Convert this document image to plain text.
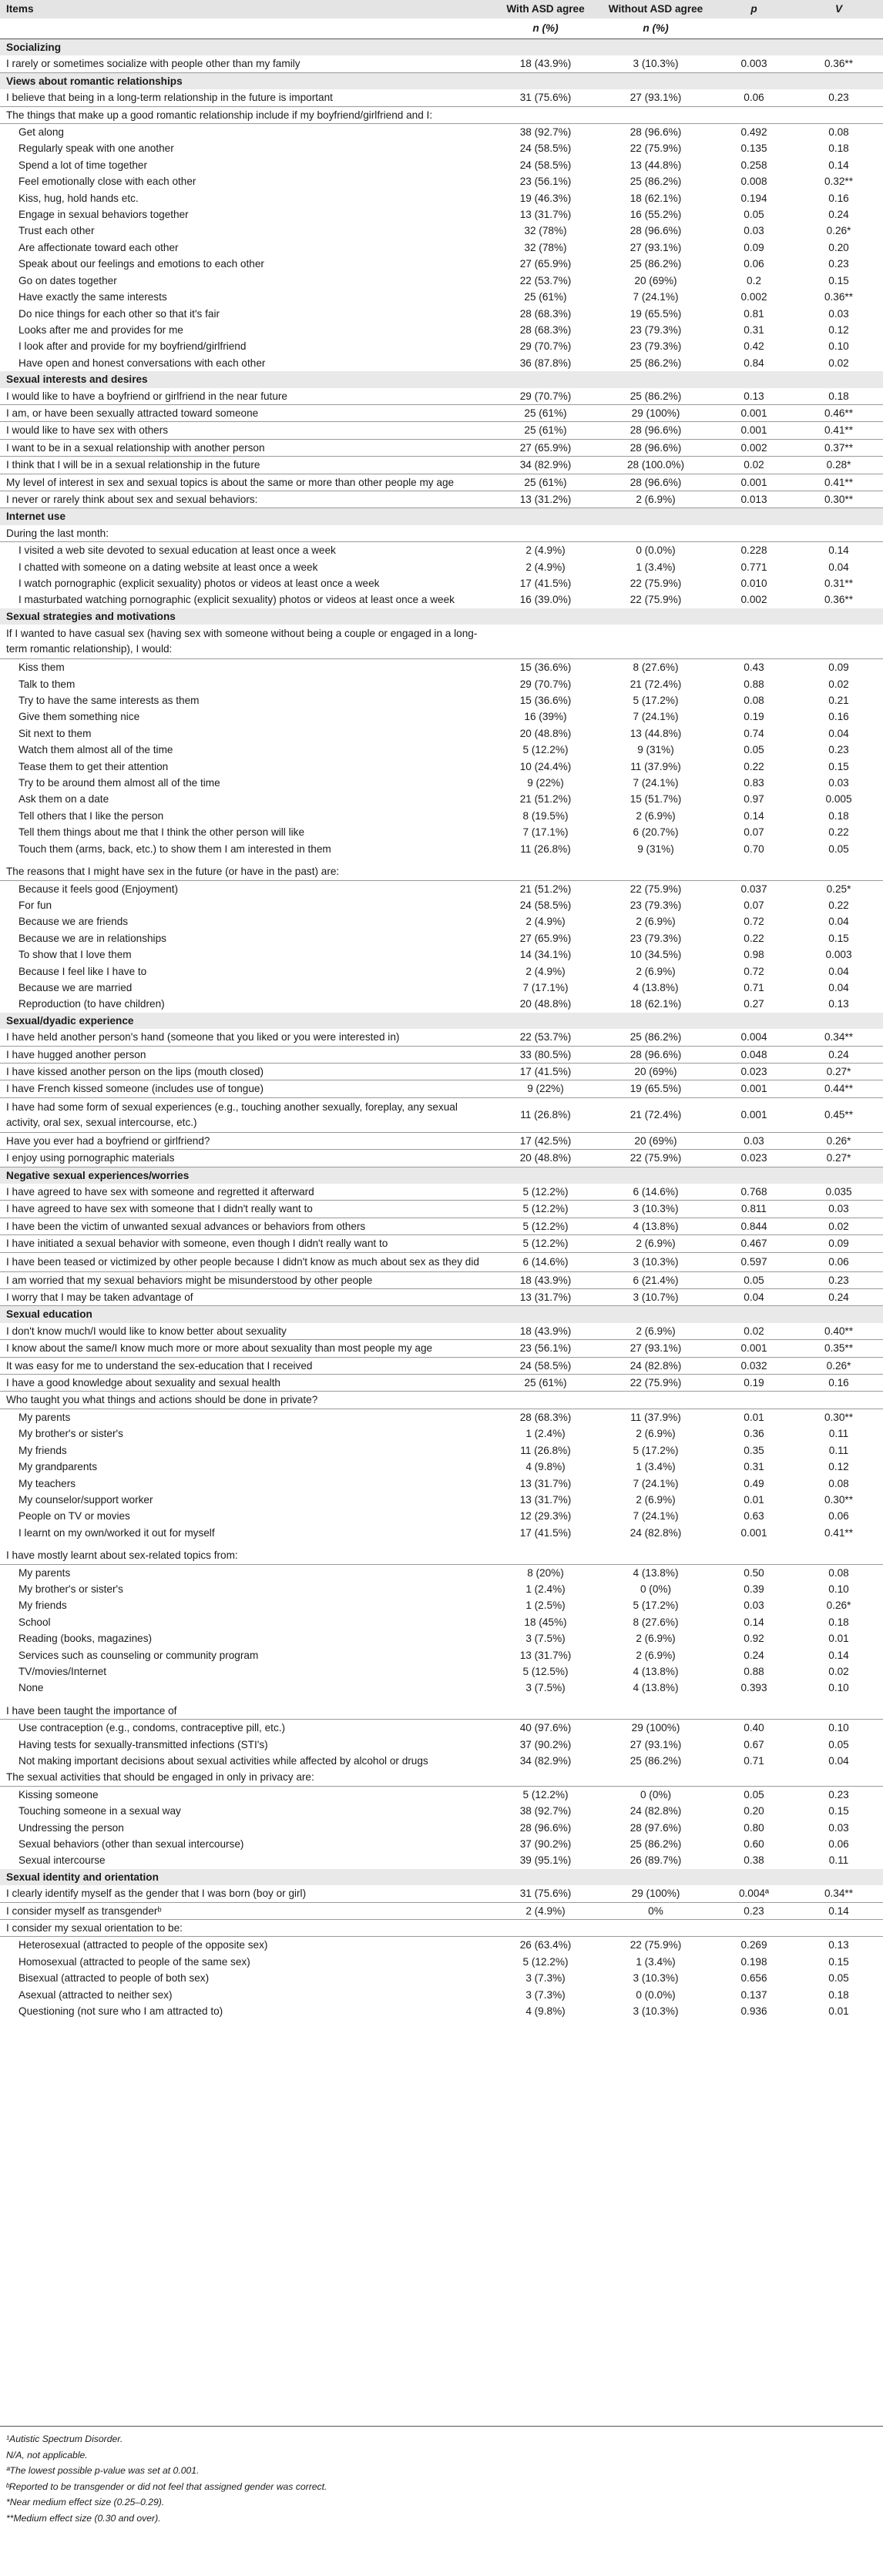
Items	With ASD agree	Without ASD agree	p	V
	n (%)	n (%)		
Socializing				
I rarely or sometimes socialize with people other than my family	18 (43.9%)	3 (10.3%)	0.003	0.36**
Views about romantic relationships				
I believe that being in a long-term relationship in the future is important	31 (75.6%)	27 (93.1%)	0.06	0.23
The things that make up a good romantic relationship include if my boyfriend/girlfriend and I:				
Get along	38 (92.7%)	28 (96.6%)	0.492	0.08
Regularly speak with one another	24 (58.5%)	22 (75.9%)	0.135	0.18
Spend a lot of time together	24 (58.5%)	13 (44.8%)	0.258	0.14
Feel emotionally close with each other	23 (56.1%)	25 (86.2%)	0.008	0.32**
Kiss, hug, hold hands etc.	19 (46.3%)	18 (62.1%)	0.194	0.16
Engage in sexual behaviors together	13 (31.7%)	16 (55.2%)	0.05	0.24
Trust each other	32 (78%)	28 (96.6%)	0.03	0.26*
Are affectionate toward each other	32 (78%)	27 (93.1%)	0.09	0.20
Speak about our feelings and emotions to each other	27 (65.9%)	25 (86.2%)	0.06	0.23
Go on dates together	22 (53.7%)	20 (69%)	0.2	0.15
Have exactly the same interests	25 (61%)	7 (24.1%)	0.002	0.36**
Do nice things for each other so that it's fair	28 (68.3%)	19 (65.5%)	0.81	0.03
Looks after me and provides for me	28 (68.3%)	23 (79.3%)	0.31	0.12
I look after and provide for my boyfriend/girlfriend	29 (70.7%)	23 (79.3%)	0.42	0.10
Have open and honest conversations with each other	36 (87.8%)	25 (86.2%)	0.84	0.02
Sexual interests and desires				
I would like to have a boyfriend or girlfriend in the near future	29 (70.7%)	25 (86.2%)	0.13	0.18
I am, or have been sexually attracted toward someone	25 (61%)	29 (100%)	0.001	0.46**
I would like to have sex with others	25 (61%)	28 (96.6%)	0.001	0.41**
I want to be in a sexual relationship with another person	27 (65.9%)	28 (96.6%)	0.002	0.37**
I think that I will be in a sexual relationship in the future	34 (82.9%)	28 (100.0%)	0.02	0.28*
My level of interest in sex and sexual topics is about the same or more than other people my age	25 (61%)	28 (96.6%)	0.001	0.41**
I never or rarely think about sex and sexual behaviors:	13 (31.2%)	2 (6.9%)	0.013	0.30**
Internet use				
During the last month:				
I visited a web site devoted to sexual education at least once a week	2 (4.9%)	0 (0.0%)	0.228	0.14
I chatted with someone on a dating website at least once a week	2 (4.9%)	1 (3.4%)	0.771	0.04
I watch pornographic (explicit sexuality) photos or videos at least once a week	17 (41.5%)	22 (75.9%)	0.010	0.31**
I masturbated watching pornographic (explicit sexuality) photos or videos at least once a week	16 (39.0%)	22 (75.9%)	0.002	0.36**
Sexual strategies and motivations				
If I wanted to have casual sex (having sex with someone without being a couple or engaged in a long-term romantic relationship), I would:				
Kiss them	15 (36.6%)	8 (27.6%)	0.43	0.09
Talk to them	29 (70.7%)	21 (72.4%)	0.88	0.02
Try to have the same interests as them	15 (36.6%)	5 (17.2%)	0.08	0.21
Give them something nice	16 (39%)	7 (24.1%)	0.19	0.16
Sit next to them	20 (48.8%)	13 (44.8%)	0.74	0.04
Watch them almost all of the time	5 (12.2%)	9 (31%)	0.05	0.23
Tease them to get their attention	10 (24.4%)	11 (37.9%)	0.22	0.15
Try to be around them almost all of the time	9 (22%)	7 (24.1%)	0.83	0.03
Ask them on a date	21 (51.2%)	15 (51.7%)	0.97	0.005
Tell others that I like the person	8 (19.5%)	2 (6.9%)	0.14	0.18
Tell them things about me that I think the other person will like	7 (17.1%)	6 (20.7%)	0.07	0.22
Touch them (arms, back, etc.) to show them I am interested in them	11 (26.8%)	9 (31%)	0.70	0.05

The reasons that I might have sex in the future (or have in the past) are:				
Because it feels good (Enjoyment)	21 (51.2%)	22 (75.9%)	0.037	0.25*
For fun	24 (58.5%)	23 (79.3%)	0.07	0.22
Because we are friends	2 (4.9%)	2 (6.9%)	0.72	0.04
Because we are in relationships	27 (65.9%)	23 (79.3%)	0.22	0.15
To show that I love them	14 (34.1%)	10 (34.5%)	0.98	0.003
Because I feel like I have to	2 (4.9%)	2 (6.9%)	0.72	0.04
Because we are married	7 (17.1%)	4 (13.8%)	0.71	0.04
Reproduction (to have children)	20 (48.8%)	18 (62.1%)	0.27	0.13
Sexual/dyadic experience				
I have held another person's hand (someone that you liked or you were interested in)	22 (53.7%)	25 (86.2%)	0.004	0.34**
I have hugged another person	33 (80.5%)	28 (96.6%)	0.048	0.24
I have kissed another person on the lips (mouth closed)	17 (41.5%)	20 (69%)	0.023	0.27*
I have French kissed someone (includes use of tongue)	9 (22%)	19 (65.5%)	0.001	0.44**
I have had some form of sexual experiences (e.g., touching another sexually, foreplay, any sexual activity, oral sex, sexual intercourse, etc.)	11 (26.8%)	21 (72.4%)	0.001	0.45**
Have you ever had a boyfriend or girlfriend?	17 (42.5%)	20 (69%)	0.03	0.26*
I enjoy using pornographic materials	20 (48.8%)	22 (75.9%)	0.023	0.27*
Negative sexual experiences/worries				
I have agreed to have sex with someone and regretted it afterward	5 (12.2%)	6 (14.6%)	0.768	0.035
I have agreed to have sex with someone that I didn't really want to	5 (12.2%)	3 (10.3%)	0.811	0.03
I have been the victim of unwanted sexual advances or behaviors from others	5 (12.2%)	4 (13.8%)	0.844	0.02
I have initiated a sexual behavior with someone, even though I didn't really want to	5 (12.2%)	2 (6.9%)	0.467	0.09
I have been teased or victimized by other people because I didn't know as much about sex as they did	6 (14.6%)	3 (10.3%)	0.597	0.06
I am worried that my sexual behaviors might be misunderstood by other people	18 (43.9%)	6 (21.4%)	0.05	0.23
I worry that I may be taken advantage of	13 (31.7%)	3 (10.7%)	0.04	0.24
Sexual education				
I don't know much/I would like to know better about sexuality	18 (43.9%)	2 (6.9%)	0.02	0.40**
I know about the same/I know much more or more about sexuality than most people my age	23 (56.1%)	27 (93.1%)	0.001	0.35**
It was easy for me to understand the sex-education that I received	24 (58.5%)	24 (82.8%)	0.032	0.26*
I have a good knowledge about sexuality and sexual health	25 (61%)	22 (75.9%)	0.19	0.16
Who taught you what things and actions should be done in private?				
My parents	28 (68.3%)	11 (37.9%)	0.01	0.30**
My brother's or sister's	1 (2.4%)	2 (6.9%)	0.36	0.11
My friends	11 (26.8%)	5 (17.2%)	0.35	0.11
My grandparents	4 (9.8%)	1 (3.4%)	0.31	0.12
My teachers	13 (31.7%)	7 (24.1%)	0.49	0.08
My counselor/support worker	13 (31.7%)	2 (6.9%)	0.01	0.30**
People on TV or movies	12 (29.3%)	7 (24.1%)	0.63	0.06
I learnt on my own/worked it out for myself	17 (41.5%)	24 (82.8%)	0.001	0.41**

I have mostly learnt about sex-related topics from:				
My parents	8 (20%)	4 (13.8%)	0.50	0.08
My brother's or sister's	1 (2.4%)	0 (0%)	0.39	0.10
My friends	1 (2.5%)	5 (17.2%)	0.03	0.26*
School	18 (45%)	8 (27.6%)	0.14	0.18
Reading (books, magazines)	3 (7.5%)	2 (6.9%)	0.92	0.01
Services such as counseling or community program	13 (31.7%)	2 (6.9%)	0.24	0.14
TV/movies/Internet	5 (12.5%)	4 (13.8%)	0.88	0.02
None	3 (7.5%)	4 (13.8%)	0.393	0.10

I have been taught the importance of				
Use contraception (e.g., condoms, contraceptive pill, etc.)	40 (97.6%)	29 (100%)	0.40	0.10
Having tests for sexually-transmitted infections (STI's)	37 (90.2%)	27 (93.1%)	0.67	0.05
Not making important decisions about sexual activities while affected by alcohol or drugs	34 (82.9%)	25 (86.2%)	0.71	0.04
The sexual activities that should be engaged in only in privacy are:				
Kissing someone	5 (12.2%)	0 (0%)	0.05	0.23
Touching someone in a sexual way	38 (92.7%)	24 (82.8%)	0.20	0.15
Undressing the person	28 (96.6%)	28 (97.6%)	0.80	0.03
Sexual behaviors (other than sexual intercourse)	37 (90.2%)	25 (86.2%)	0.60	0.06
Sexual intercourse	39 (95.1%)	26 (89.7%)	0.38	0.11
Sexual identity and orientation				
I clearly identify myself as the gender that I was born (boy or girl)	31 (75.6%)	29 (100%)	0.004ª	0.34**
I consider myself as transgenderᵇ	2 (4.9%)	0%	0.23	0.14
I consider my sexual orientation to be:				
Heterosexual (attracted to people of the opposite sex)	26 (63.4%)	22 (75.9%)	0.269	0.13
Homosexual (attracted to people of the same sex)	5 (12.2%)	1 (3.4%)	0.198	0.15
Bisexual (attracted to people of both sex)	3 (7.3%)	3 (10.3%)	0.656	0.05
Asexual (attracted to neither sex)	3 (7.3%)	0 (0.0%)	0.137	0.18
Questioning (not sure who I am attracted to)	4 (9.8%)	3 (10.3%)	0.936	0.01
¹Autistic Spectrum Disorder.
N/A, not applicable.
ªThe lowest possible p-value was set at 0.001.
ᵇReported to be transgender or did not feel that assigned gender was correct.
*Near medium effect size (0.25–0.29).
**Medium effect size (0.30 and over).
